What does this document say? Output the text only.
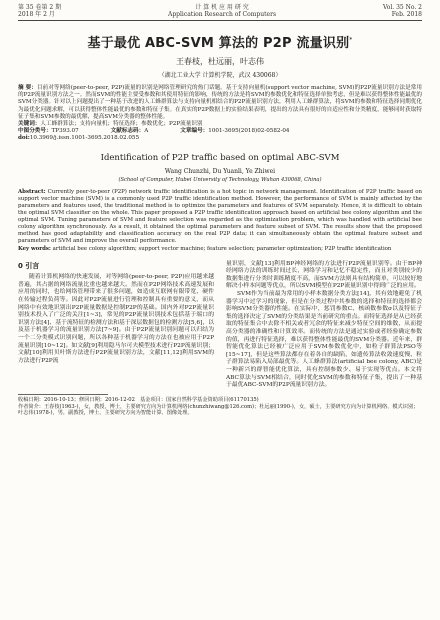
第 35 卷第 2 期
2018 年 2 月
计 算 机 应 用 研 究
Application Research of Computers
Vol. 35 No. 2
Feb. 2018
基于最优 ABC-SVM 算法的 P2P 流量识别*
王春枝，杜远丽，叶志伟
（湖北工业大学 计算机学院，武汉 430068）
摘 要：目前对等网络(peer-to-peer, P2P)流量的识别是网络管理研究的热门话题。基于支持向量机(support vector machine, SVM)的P2P流量识别方法是常用的P2P流量识别方法之一。然而SVM的性能主要受参数和其使用特征的影响，传统的方法是将SVM的参数优化和特征选择单独考虑，但是难以获得整体性能最优的SVM分类器。针对以上问题提出了一种基于改进的人工蜂群算法与支持向量机相结合的P2P流量识别方法，利用人工蜂群算法，将SVM的参数和特征选择同期优化为最优化问题求解，可以获得整体性能最优的参数和特征子集。在真实的P2P数据上的实验结果表明，提出的方法具有很好的自适应性和分类精度，能够同时获取特征子集和SVM参数的最优解，提高SVM分类器的整体性能。
关键词：人工蜂群算法；支持向量机；特征选择；参数优化；P2P流量识别
中图分类号：TP393.07	文献标志码：A	文章编号：1001-3695(2018)02-0582-04
doi:10.3969/j.issn.1001-3695.2018.02.055
Identification of P2P traffic based on optimal ABC-SVM
Wang Chunzhi, Du Yuanli, Ye Zhiwei
(School of Computer, Hubei University of Technology, Wuhan 430068, China)
Abstract: Currently peer-to-peer (P2P) network traffic identification is a hot topic in network management. Identification of P2P traffic based on support vector machine (SVM) is a commonly used P2P traffic identification method. However, the performance of SVM is mainly affected by the parameters and features used, the traditional method is to optimize the parameters and features of SVM separately. Hence, it is difficult to obtain the optimal SVM classifier on the whole. This paper proposed a P2P traffic identification approach based on artificial bee colony algorithm and the optimal SVM. Tuning parameters of SVM and feature selection was regarded as the optimization problem, which was handled with artificial bee colony algorithm synchronously. As a result, it obtained the optimal parameters and feature subset of SVM. The results show that the proposed method has good adaptability and classification accuracy on the real P2P data; it can simultaneously obtain the optimal feature subset and parameters of SVM and improve the overall performance.
Key words: artificial bee colony algorithm; support vector machine; feature selection; parameter optimization; P2P traffic identification
0 引言
随着计算机网络的快速发展，对等网络(peer-to-peer, P2P)应用越来越普遍，其占据的网络流量比重也越来越大。然而在P2P网络技术高速发展和应用的同时，也给网络管理带来了很多问题，如造成互联网有限带宽、硬件在传输过程负荷等。因此对P2P流量进行管理和控制具有重要的意义，而从网络中有效地识别出P2P流量数据是控制P2P的基础。国内外对P2P流量识别技术投入了广泛的关注[1~3]，常见的P2P流量识别技术包括基于端口的识别方法[4]、基于流特征的检测方法和基于深层数据包的检测方法[5,6]，以及基于机器学习的流量识别方法[7~9]。由于P2P流量识别问题可以归结为一个二分类模式识别问题，所以各种基于机器学习的方法在也被应用于P2P流量识别[10~12]。如文献[9]利用隐马尔可夫模型技术进行P2P流量识别；文献[10]利用贝叶斯方法进行P2P流量识别方法，文献[11,12]利用SVM的方法进行P2P流
量识别，文献[13]利用BP神经网络的方法进行P2P流量识别等。由于BP神经网络方法的训练时间过长，网络学习和记忆不稳定性，而且对类别较少的数据集进行分类时训练精度不高，而SVM方法则具有结构简单，可以较好地解决小样本问题等优点，所以SVM模型在P2P流量识别中得到广泛的应用。
SVM作为当前最为常用的小样本数据分类方法[14]，其有效地避免了机器学习中过学习的现象，但是在分类过程中其参数的选择和特征的选择都会影响SVM分类器的性能。在实际中，惩罚参数C、核函数参数σ以及特征子集的选择决定了SVM的分类结果是当前研究的重点。而特征选择是从已经获取的特征集合中去除不相关或者冗余的特征来减少特征空间的维数，从而提高分类器的准确性和计算效率。而传统的方法是通过实验或者经验确定参数的值，再进行特征选择，难以获得整体性能最优的SVM分类器。近年来，群智能优化算法已经被广泛应用于SVM参数优化中，如粒子群算法PSO等[15~17]，但是这些算法都存在着各自的缺陷，如遗传算法收敛速度慢、粒子群算法易陷入局部最优等。人工蜂群算法(artificial bee colony, ABC)是一种新兴的群智能优化算法，具有控制参数少、易于实现等优点。本文将ABC算法与SVM相结合，同时优化SVM的参数和特征子集，提出了一种基于最优ABC-SVM的P2P流量识别方法。
收稿日期：2016-10-13；修回日期：2016-12-02　基金项目：国家自然科学基金资助项目(61170135)
作者简介：王春枝(1963-)，女，教授，博士，主要研究方向为计算机网络(chunzhiwang@126.com)；杜远丽(1990-)，女，硕士，主要研究方向为计算机网络、模式识别；叶志伟(1978-)，男，副教授，博士，主要研究方向为智能计算、图像处理。
